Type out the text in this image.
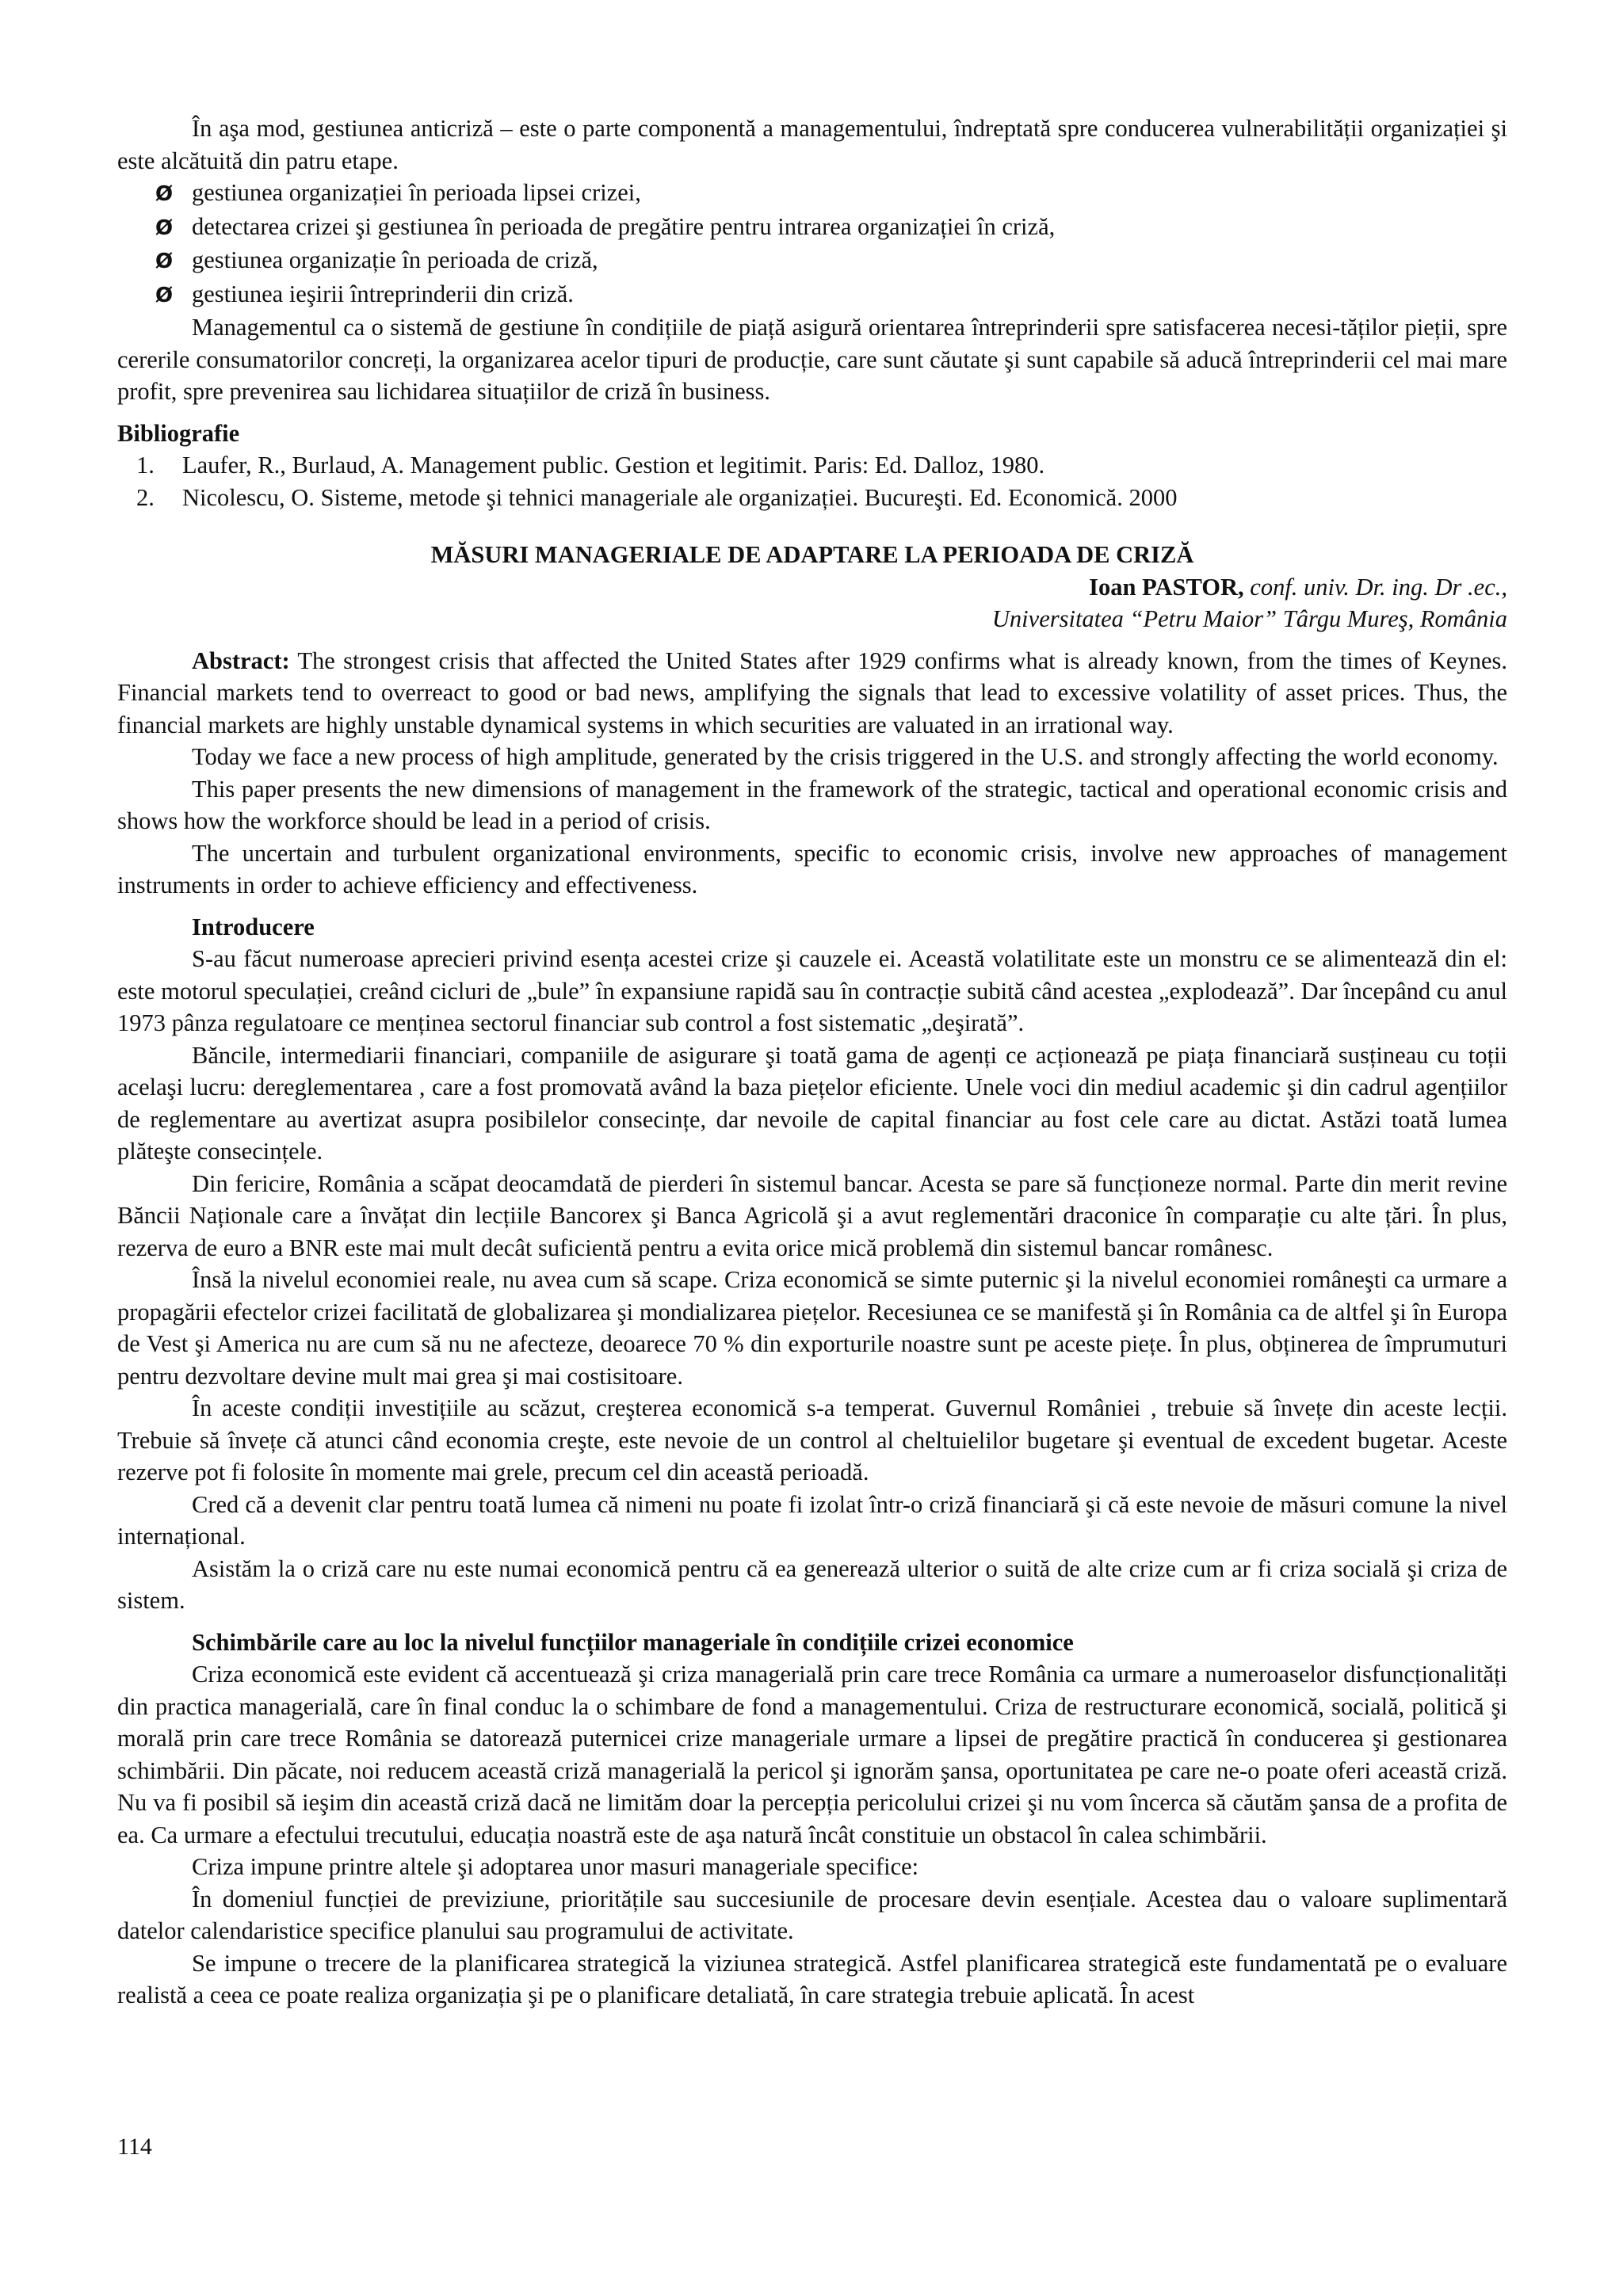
În aşa mod, gestiunea anticriză – este o parte componentă a managementului, îndreptată spre conducerea vulnerabilității organizației şi este alcătuită din patru etape.

Ø gestiunea organizației în perioada lipsei crizei,
Ø detectarea crizei şi gestiunea în perioada de pregătire pentru intrarea organizației în criză,
Ø gestiunea organizație în perioada de criză,
Ø gestiunea ieşirii întreprinderii din criză.

Managementul ca o sistemă de gestiune în condițiile de piață asigură orientarea întreprinderii spre satisfacerea necesi-tăților pieții, spre cererile consumatorilor concreți, la organizarea acelor tipuri de producție, care sunt căutate şi sunt capabile să aducă întreprinderii cel mai mare profit, spre prevenirea sau lichidarea situațiilor de criză în business.

Bibliografie

1.	Laufer, R., Burlaud, A. Management public. Gestion et legitimit. Paris: Ed. Dalloz, 1980.
2.	Nicolescu, O. Sisteme, metode şi tehnici manageriale ale organizației. Bucureşti. Ed. Economică. 2000

MĂSURI MANAGERIALE DE ADAPTARE LA PERIOADA DE CRIZĂ

Ioan PASTOR, conf. univ. Dr. ing. Dr .ec.,

Universitatea “Petru Maior” Târgu Mureş, România

Abstract: The strongest crisis that affected the United States after 1929 confirms what is already known, from the times of Keynes. Financial markets tend to overreact to good or bad news, amplifying the signals that lead to excessive volatility of asset prices. Thus, the financial markets are highly unstable dynamical systems in which securities are valuated in an irrational way.

Today we face a new process of high amplitude, generated by the crisis triggered in the U.S. and strongly affecting the world economy.

This paper presents the new dimensions of management in the framework of the strategic, tactical and operational economic crisis and shows how the workforce should be lead in a period of crisis.

The uncertain and turbulent organizational environments, specific to economic crisis, involve new approaches of management instruments in order to achieve efficiency and effectiveness.

Introducere

S-au făcut numeroase aprecieri privind esența acestei crize şi cauzele ei. Această volatilitate este un monstru ce se alimentează din el: este motorul speculației, creând cicluri de „bule” în expansiune rapidă sau în contracție subită când acestea „explodează”. Dar începând cu anul 1973 pânza regulatoare ce menținea sectorul financiar sub control a fost sistematic „deşirată”.

Băncile, intermediarii financiari, companiile de asigurare şi toată gama de agenți ce acționează pe piața financiară susțineau cu toții acelaşi lucru: dereglementarea , care a fost promovată având la baza piețelor eficiente. Unele voci din mediul academic şi din cadrul agențiilor de reglementare au avertizat asupra posibilelor consecințe, dar nevoile de capital financiar au fost cele care au dictat. Astăzi toată lumea plăteşte consecințele.

Din fericire, România a scăpat deocamdată de pierderi în sistemul bancar. Acesta se pare să funcționeze normal. Parte din merit revine Băncii Naționale care a învățat din lecțiile Bancorex şi Banca Agricolă şi a avut reglementări draconice în comparație cu alte țări. În plus, rezerva de euro a BNR este mai mult decât suficientă pentru a evita orice mică problemă din sistemul bancar românesc.

Însă la nivelul economiei reale, nu avea cum să scape. Criza economică se simte puternic şi la nivelul economiei româneşti ca urmare a propagării efectelor crizei facilitată de globalizarea şi mondializarea piețelor. Recesiunea ce se manifestă şi în România ca de altfel şi în Europa de Vest şi America nu are cum să nu ne afecteze, deoarece 70 % din exporturile noastre sunt pe aceste piețe. În plus, obținerea de împrumuturi pentru dezvoltare devine mult mai grea şi mai costisitoare.

În aceste condiții investițiile au scăzut, creşterea economică s-a temperat. Guvernul României , trebuie să învețe din aceste lecții. Trebuie să învețe că atunci când economia creşte, este nevoie de un control al cheltuielilor bugetare şi eventual de excedent bugetar. Aceste rezerve pot fi folosite în momente mai grele, precum cel din această perioadă.

Cred că a devenit clar pentru toată lumea că nimeni nu poate fi izolat într-o criză financiară şi că este nevoie de măsuri comune la nivel internațional.

Asistăm la o criză care nu este numai economică pentru că ea generează ulterior o suită de alte crize cum ar fi criza socială şi criza de sistem.

Schimbările care au loc la nivelul funcțiilor manageriale în condițiile crizei economice

Criza economică este evident că accentuează şi criza managerială prin care trece România ca urmare a numeroaselor disfuncționalități din practica managerială, care în final conduc la o schimbare de fond a managementului. Criza de restructurare economică, socială, politică şi morală prin care trece România se datorează puternicei crize manageriale urmare a lipsei de pregătire practică în conducerea şi gestionarea schimbării. Din păcate, noi reducem această criză managerială la pericol şi ignorăm şansa, oportunitatea pe care ne-o poate oferi această criză. Nu va fi posibil să ieşim din această criză dacă ne limităm doar la percepția pericolului crizei şi nu vom încerca să căutăm şansa de a profita de ea. Ca urmare a efectului trecutului, educația noastră este de aşa natură încât constituie un obstacol în calea schimbării.

Criza impune printre altele şi adoptarea unor masuri manageriale specifice:

În domeniul funcției de previziune, prioritățile sau succesiunile de procesare devin esențiale. Acestea dau o valoare suplimentară datelor calendaristice specifice planului sau programului de activitate.

Se impune o trecere de la planificarea strategică la viziunea strategică. Astfel planificarea strategică este fundamentată pe o evaluare realistă a ceea ce poate realiza organizația şi pe o planificare detaliată, în care strategia trebuie aplicată. În acest

114
